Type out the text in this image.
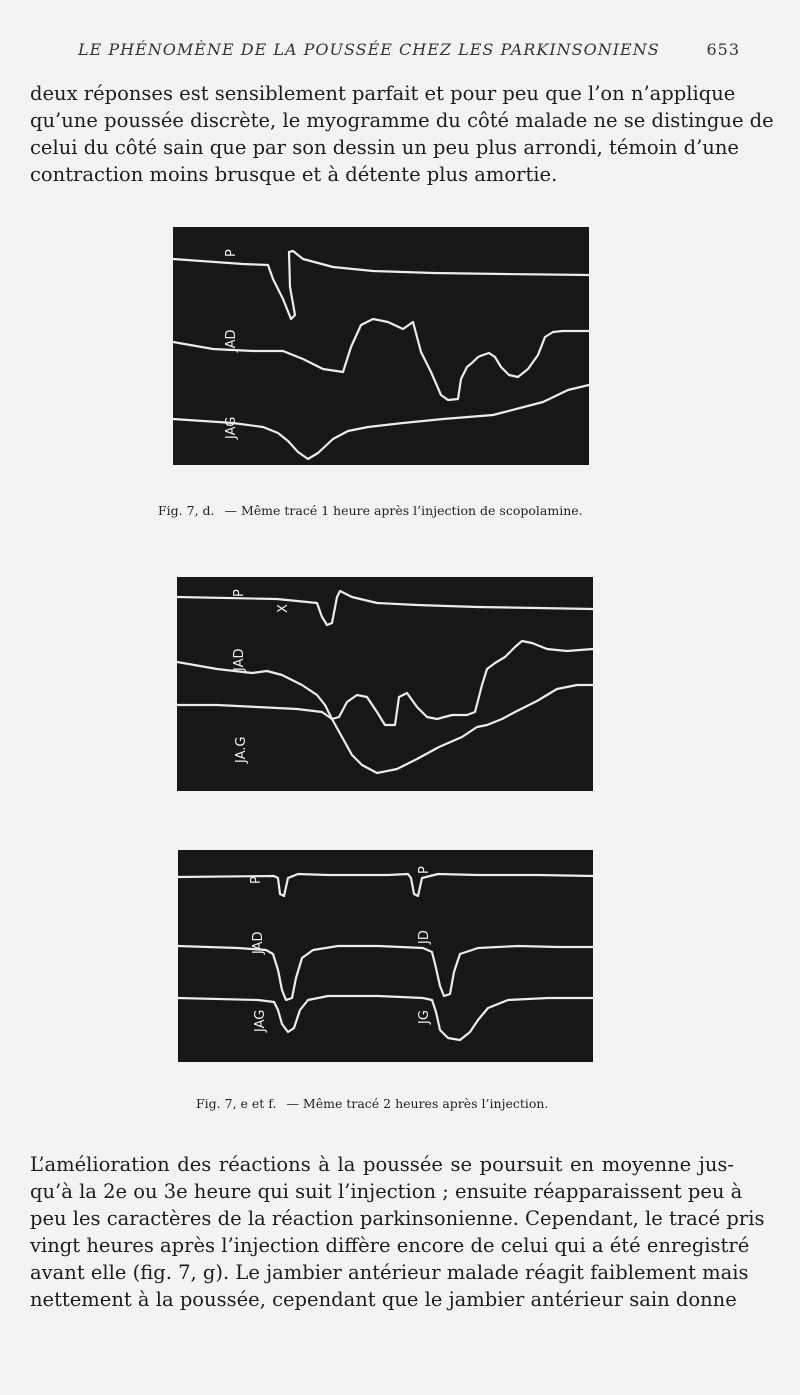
LE PHÉNOMÈNE DE LA POUSSÉE CHEZ LES PARKINSONIENS	653
deux réponses est sensiblement parfait et pour peu que l’on n’applique
qu’une poussée discrète, le myogramme du côté malade ne se distingue de
celui du côté sain que par son dessin un peu plus arrondi, témoin d’une
contraction moins brusque et à détente plus amortie.
P
JAD
JAG
Fig. 7, d. — Même tracé 1 heure après l’injection de scopolamine.
P
X
JAD
JA.G
P
P
JAD	JD
JAG	JG
Fig. 7, e et f. — Même tracé 2 heures après l’injection.
L’amélioration des réactions à la poussée se poursuit en moyenne jus-
qu’à la 2e ou 3e heure qui suit l’injection ; ensuite réapparaissent peu à
peu les caractères de la réaction parkinsonienne. Cependant, le tracé pris
vingt heures après l’injection diffère encore de celui qui a été enregistré
avant elle (fig. 7, g). Le jambier antérieur malade réagit faiblement mais
nettement à la poussée, cependant que le jambier antérieur sain donne
